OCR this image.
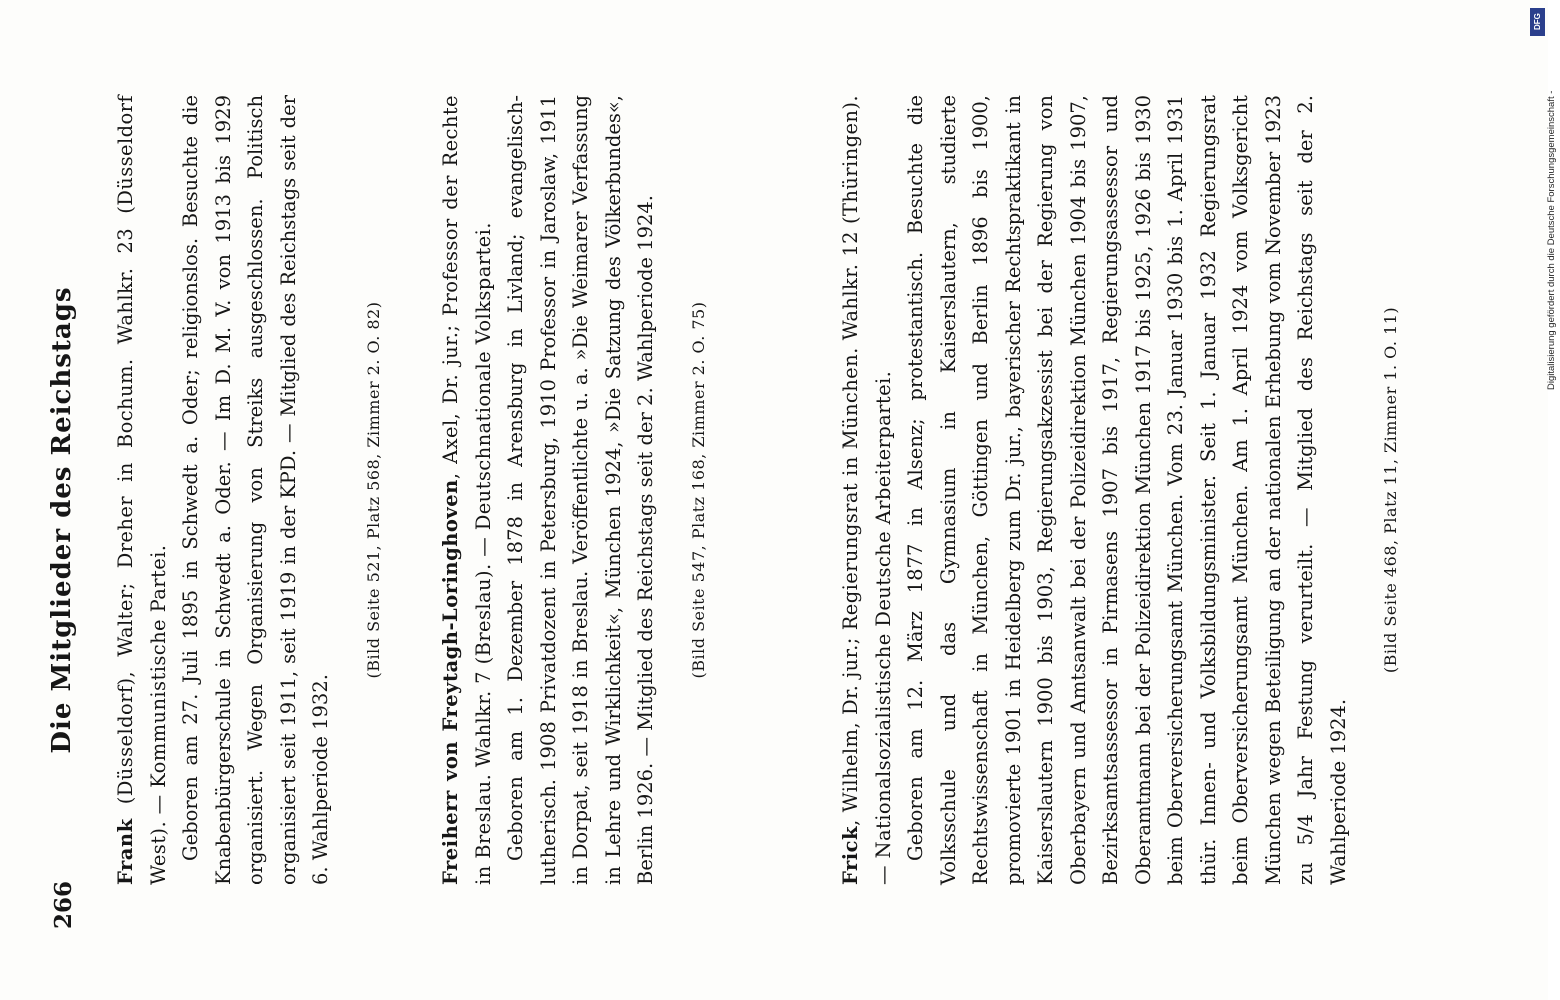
266
Die Mitglieder des Reichstags

Frank (Düsseldorf), Walter; Dreher in Bochum. Wahlkr. 23 (Düsseldorf West). — Kommunistische Partei. Geboren am 27. Juli 1895 in Schwedt a. Oder; religionslos. Besuchte die Knabenbürgerschule in Schwedt a. Oder. — Im D. M. V. von 1913 bis 1929 organisiert. Wegen Organisierung von Streiks ausgeschlossen. Politisch organisiert seit 1911, seit 1919 in der KPD. — Mitglied des Reichstags seit der 6. Wahlperiode 1932.

(Bild Seite 521, Platz 568, Zimmer 2. O. 82)	Freiherr von Freytagh-Loringhoven, Axel, Dr. jur.; Professor der Rechte in Breslau. Wahlkr. 7 (Breslau). — Deutschnationale Volkspartei. Geboren am 1. Dezember 1878 in Arensburg in Livland; evangelisch-lutherisch. 1908 Privatdozent in Petersburg, 1910 Professor in Jaroslaw, 1911 in Dorpat, seit 1918 in Breslau. Veröffentlichte u. a. »Die Weimarer Verfassung in Lehre und Wirklichkeit«, München 1924, »Die Satzung des Völkerbundes«, Berlin 1926. — Mitglied des Reichstags seit der 2. Wahlperiode 1924.	(Bild Seite 547, Platz 168, Zimmer 2. O. 75)

Frick, Wilhelm, Dr. jur.; Regierungsrat in München. Wahlkr. 12 (Thüringen). — Nationalsozialistische Deutsche Arbeiterpartei. Geboren am 12. März 1877 in Alsenz; protestantisch. Besuchte die Volksschule und das Gymnasium in Kaiserslautern, studierte Rechtswissenschaft in München, Göttingen und Berlin 1896 bis 1900, promovierte 1901 in Heidelberg zum Dr. jur., bayerischer Rechtspraktikant in Kaiserslautern 1900 bis 1903, Regierungsakzessist bei der Regierung von Oberbayern und Amtsanwalt bei der Polizeidirektion München 1904 bis 1907, Bezirksamtsassessor in Pirmasens 1907 bis 1917, Regierungsassessor und Oberamtmann bei der Polizeidirektion München 1917 bis 1925, 1926 bis 1930 beim Oberversicherungsamt München. Vom 23. Januar 1930 bis 1. April 1931 thür. Innen- und Volksbildungsminister. Seit 1. Januar 1932 Regierungsrat beim Oberversicherungsamt München. Am 1. April 1924 vom Volksgericht München wegen Beteiligung an der nationalen Erhebung vom November 1923 zu 5/4 Jahr Festung verurteilt. — Mitglied des Reichstags seit der 2. Wahlperiode 1924.

(Bild Seite 468, Platz 11, Zimmer 1. O. 11)

DFG
Digitalisierung gefördert durch die Deutsche Forschungsgemeinschaft -
